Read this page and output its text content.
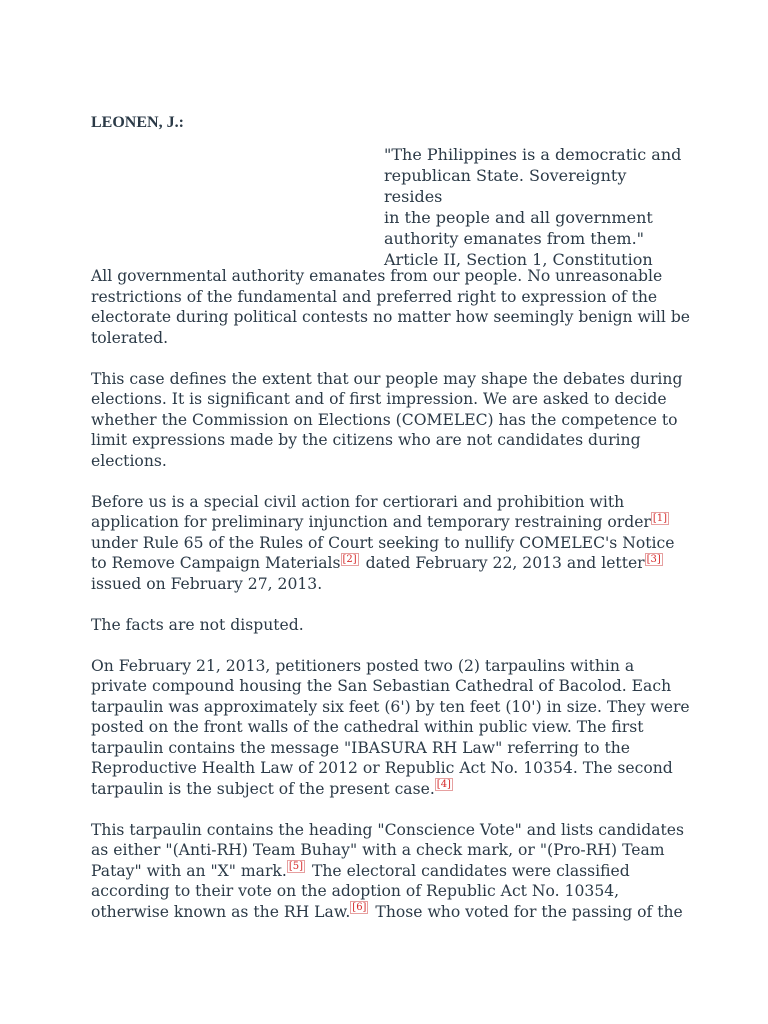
LEONEN, J.:
"The Philippines is a democratic and
republican State. Sovereignty resides
in the people and all government
authority emanates from them."
Article II, Section 1, Constitution

All governmental authority emanates from our people. No unreasonable restrictions of the fundamental and preferred right to expression of the electorate during political contests no matter how seemingly benign will be tolerated.

This case defines the extent that our people may shape the debates during elections. It is significant and of first impression. We are asked to decide whether the Commission on Elections (COMELEC) has the competence to limit expressions made by the citizens who are not candidates during elections.

Before us is a special civil action for certiorari and prohibition with application for preliminary injunction and temporary restraining order [1] under Rule 65 of the Rules of Court seeking to nullify COMELEC's Notice to Remove Campaign Materials [2] dated February 22, 2013 and letter [3] issued on February 27, 2013.

The facts are not disputed.

On February 21, 2013, petitioners posted two (2) tarpaulins within a private compound housing the San Sebastian Cathedral of Bacolod. Each tarpaulin was approximately six feet (6') by ten feet (10') in size. They were posted on the front walls of the cathedral within public view. The first tarpaulin contains the message "IBASURA RH Law" referring to the Reproductive Health Law of 2012 or Republic Act No. 10354. The second tarpaulin is the subject of the present case. [4]

This tarpaulin contains the heading "Conscience Vote" and lists candidates as either "(Anti-RH) Team Buhay" with a check mark, or "(Pro-RH) Team Patay" with an "X" mark. [5] The electoral candidates were classified according to their vote on the adoption of Republic Act No. 10354, otherwise known as the RH Law. [6] Those who voted for the passing of the
